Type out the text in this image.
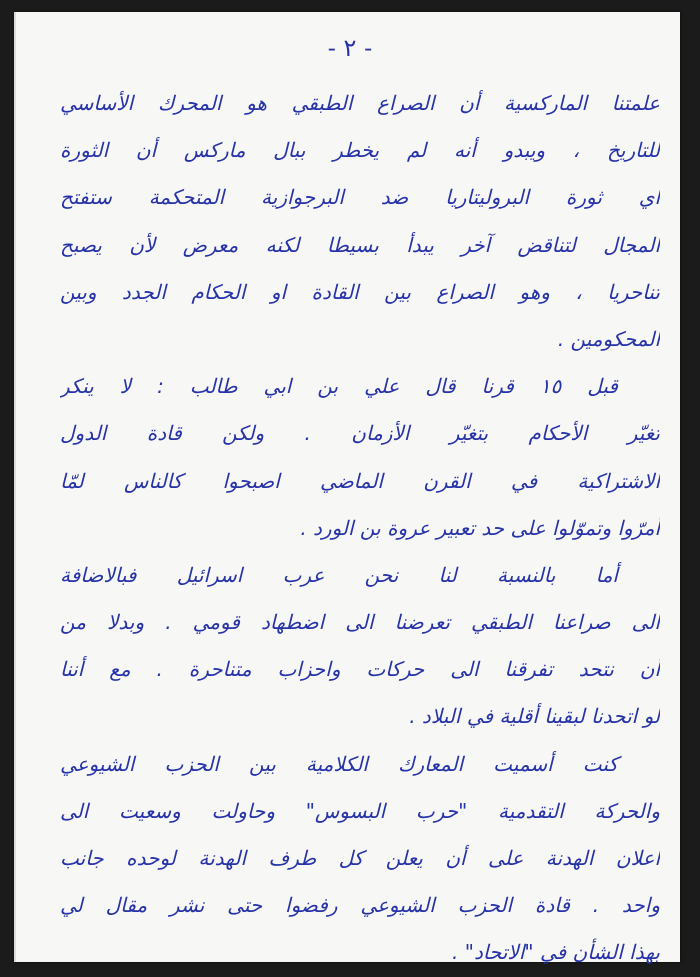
- ٢ -
علمتنا الماركسية أن الصراع الطبقي هو المحرك الأساسي
للتاريخ ، ويبدو أنه لم يخطر ببال ماركس أن الثورة
اي ثورة البروليتاريا ضد البرجوازية المتحكمة ستفتح
المجال لتناقض آخر يبدأ بسيطا لكنه معرض لأن يصبح
تناحريا ، وهو الصراع بين القادة او الحكام الجدد وبين
المحكومين .
قبل ١٥ قرنا قال علي بن ابي طالب : لا ينكر
تغيّر الأحكام بتغيّر الأزمان . ولكن قادة الدول
الاشتراكية في القرن الماضي اصبحوا كالناس لمّا
أمرّوا وتموّلوا على حد تعبير عروة بن الورد .
أما بالنسبة لنا نحن عرب اسرائيل فبالاضافة
الى صراعنا الطبقي تعرضنا الى اضطهاد قومي . وبدلا من
أن نتحد تفرقنا الى حركات واحزاب متناحرة . مع أننا
لو اتحدنا لبقينا أقلية في البلاد .
كنت أسميت المعارك الكلامية بين الحزب الشيوعي
والحركة التقدمية "حرب البسوس" وحاولت وسعيت الى
اعلان الهدنة على أن يعلن كل طرف الهدنة لوحده جانب
واحد . قادة الحزب الشيوعي رفضوا حتى نشر مقال لي
بهذا الشأن في "الاتحاد" .
